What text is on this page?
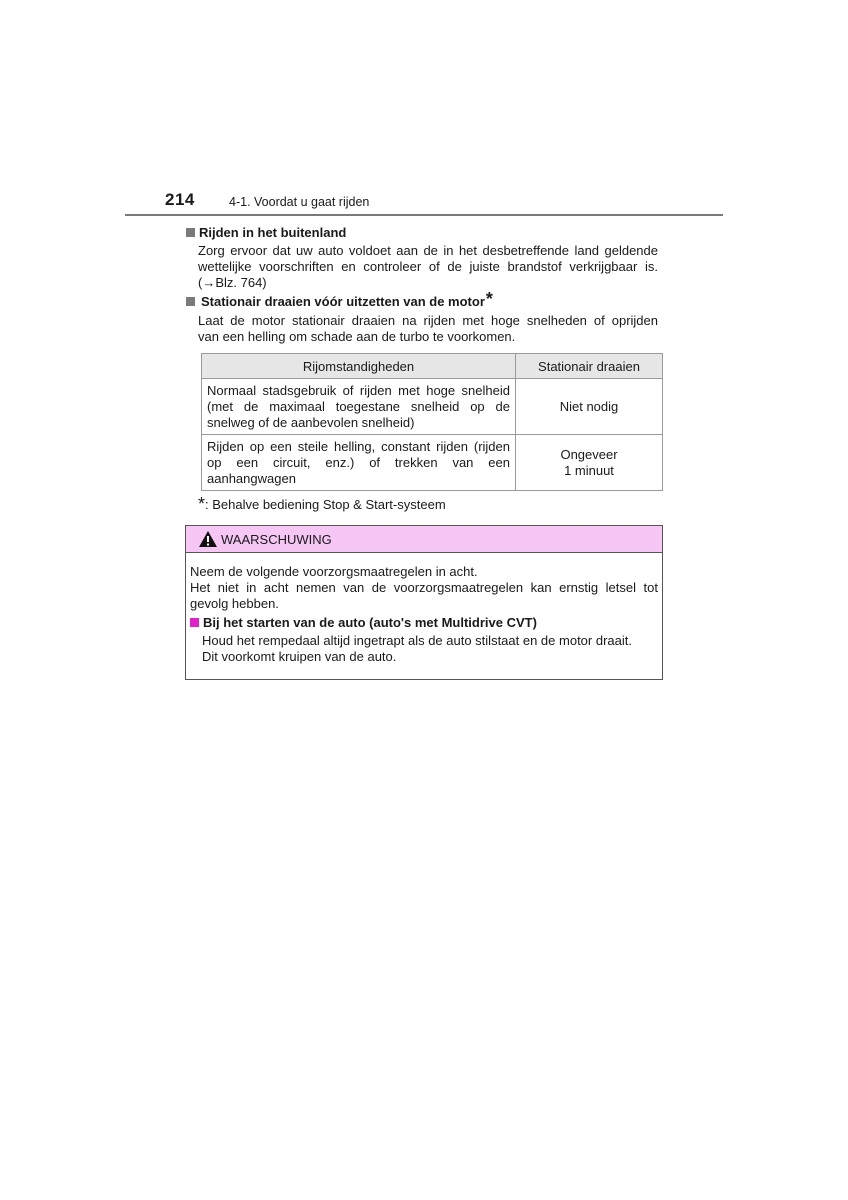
214	4-1. Voordat u gaat rijden
Rijden in het buitenland

Zorg ervoor dat uw auto voldoet aan de in het desbetreffende land geldende

wettelijke voorschriften en controleer of de juiste brandstof verkrijgbaar is.

(→Blz. 764)

Stationair draaien vóór uitzetten van de motor *

Laat de motor stationair draaien na rijden met hoge snelheden of oprijden

van een helling om schade aan de turbo te voorkomen.

Rijomstandigheden	Stationair draaien
Normaal stadsgebruik of rijden met hoge snelheid (met de maximaal toegestane snelheid op de snelweg of de aanbevolen snelheid)	Niet nodig

Rijden op een steile helling, constant rijden (rijden op een circuit, enz.) of trekken van een aanhangwagen	Ongeveer
1 minuut
*: Behalve bediening Stop & Start-systeem
WAARSCHUWING

Neem de volgende voorzorgsmaatregelen in acht.

Het niet in acht nemen van de voorzorgsmaatregelen kan ernstig letsel tot

gevolg hebben.

Bij het starten van de auto (auto's met Multidrive CVT)

Houd het rempedaal altijd ingetrapt als de auto stilstaat en de motor draait.

Dit voorkomt kruipen van de auto.
